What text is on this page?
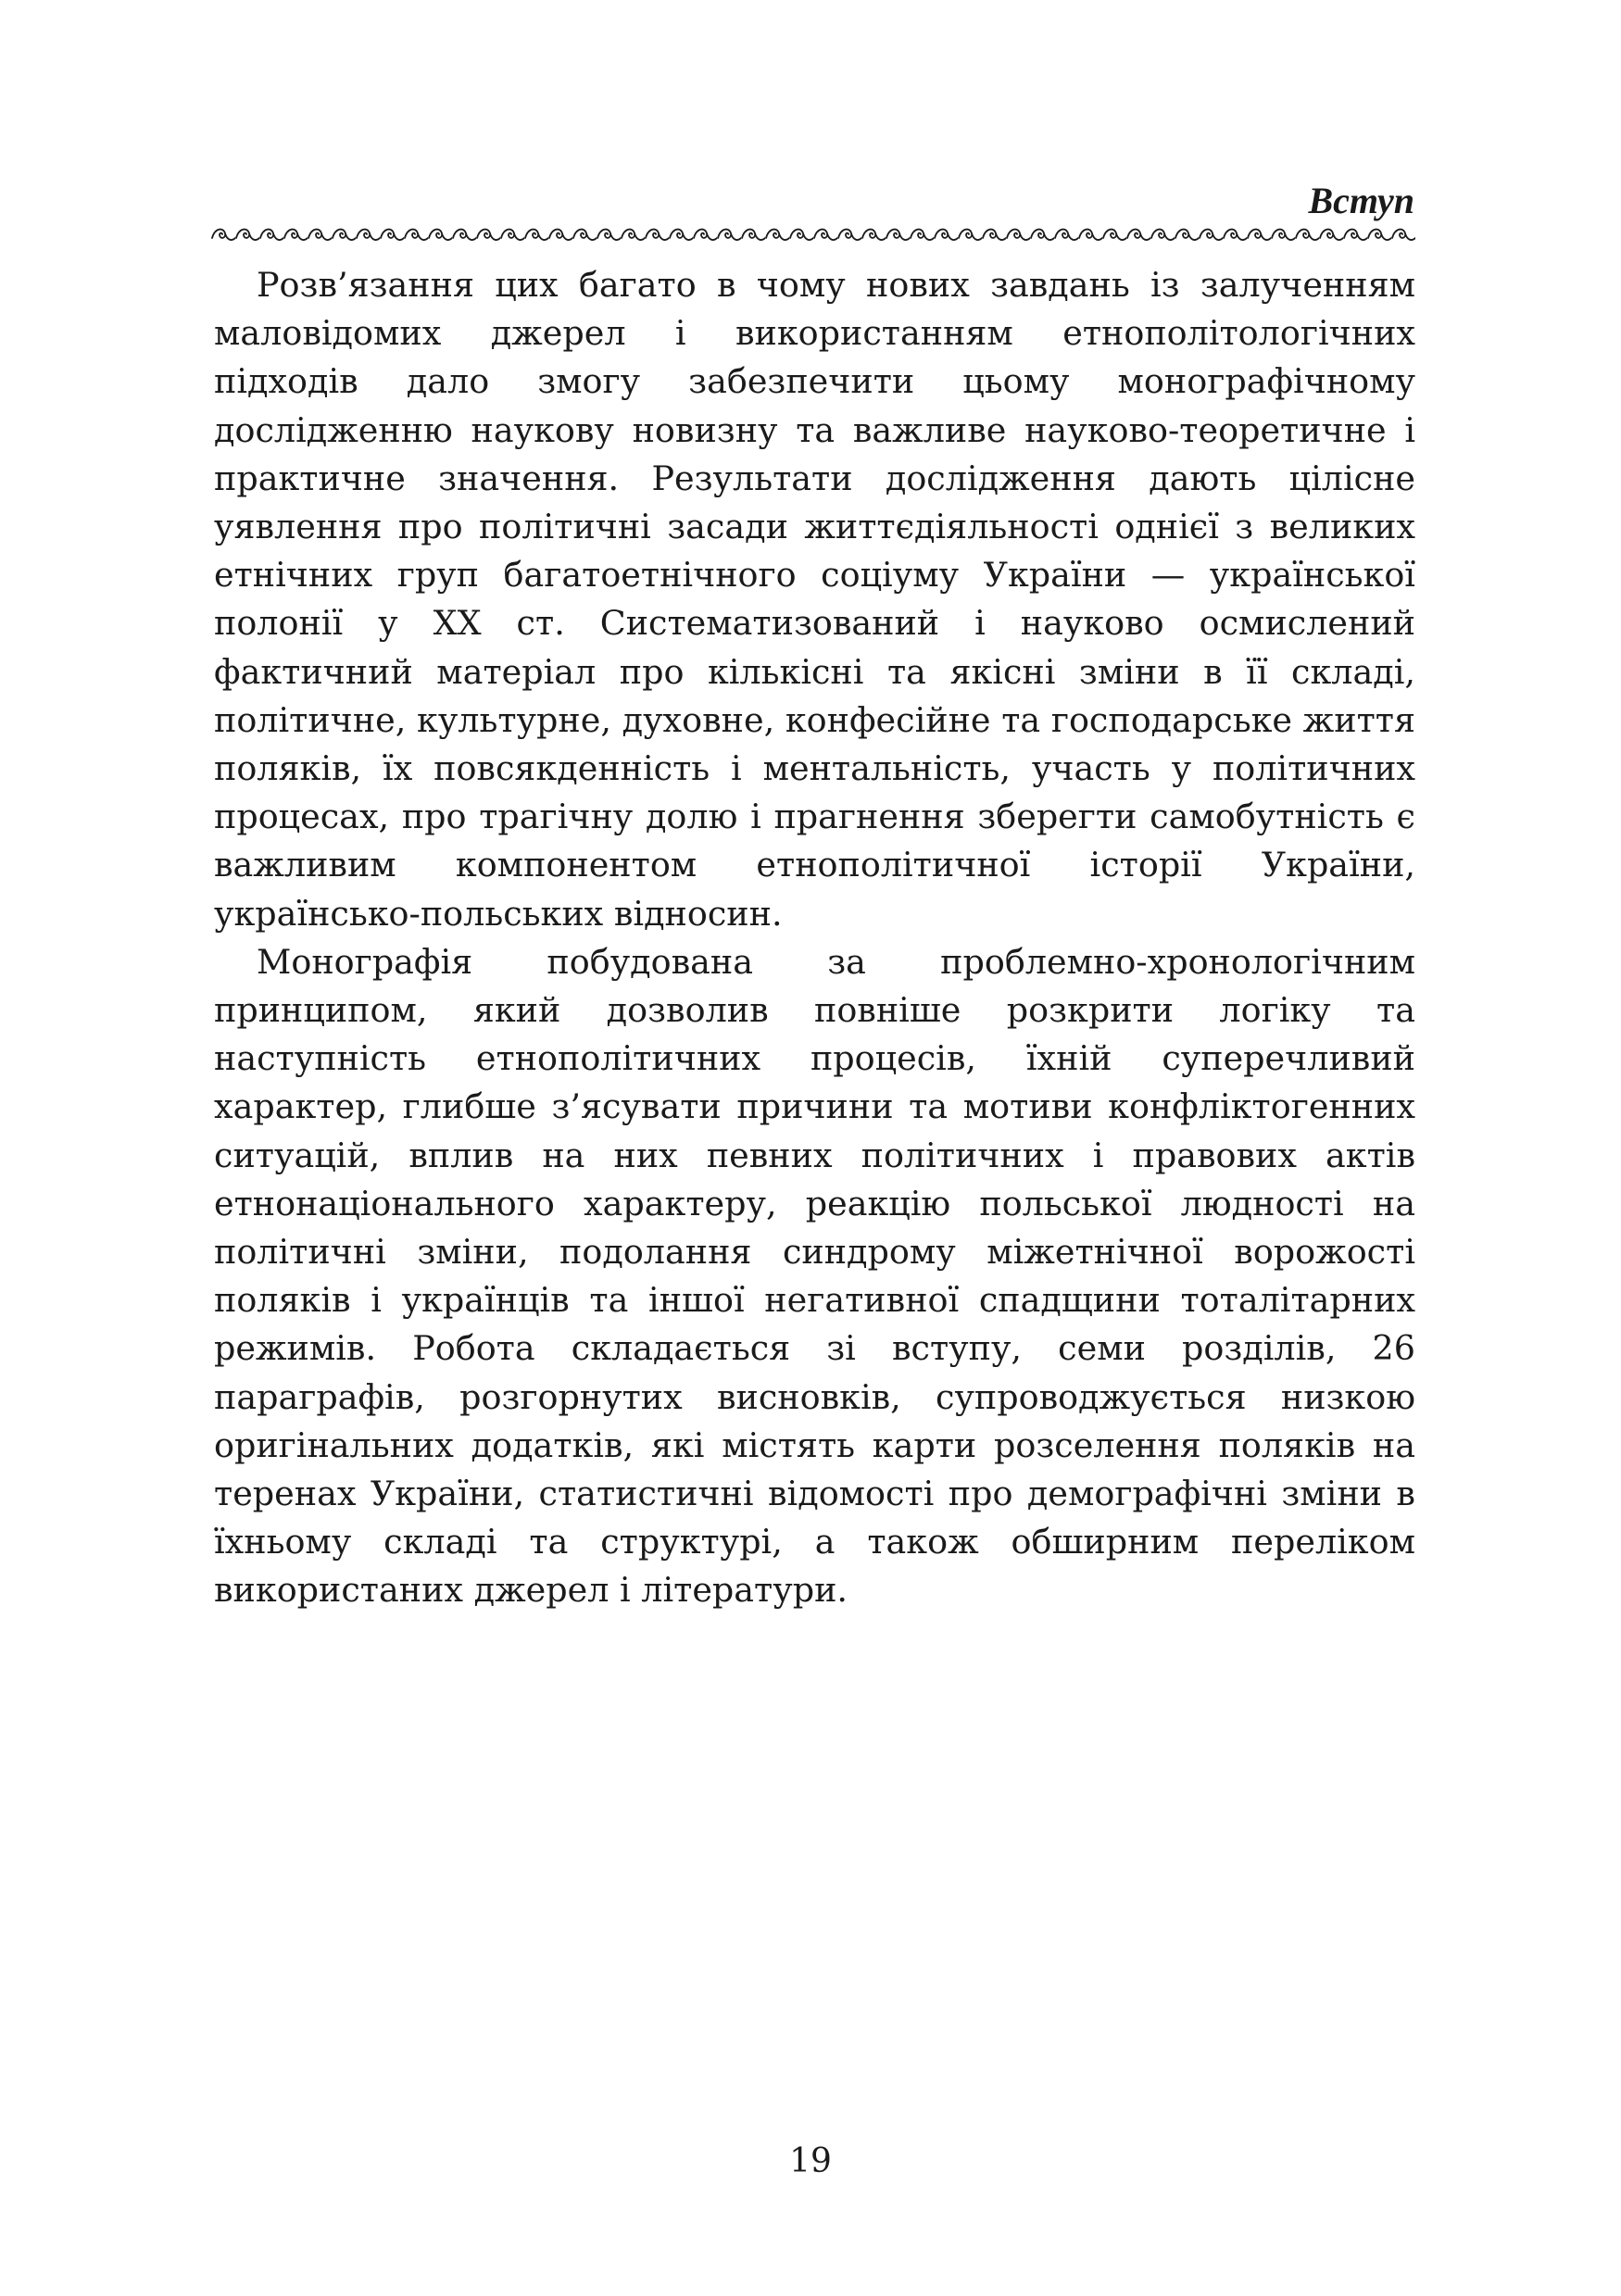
Вступ

Розв’язання цих багато в чому нових завдань із залученням маловідомих джерел і використанням етнополітологічних підходів дало змогу забезпечити цьому монографічному дослідженню наукову новизну та важливе науково-теоретичне і практичне значення. Результати дослідження дають цілісне уявлення про політичні засади життєдіяльності однієї з великих етнічних груп багатоетнічного соціуму України — української полонії у XX ст. Систематизований і науково осмислений фактичний матеріал про кількісні та якісні зміни в її складі, політичне, культурне, духовне, конфесійне та господарське життя поляків, їх повсякденність і ментальність, участь у політичних процесах, про трагічну долю і прагнення зберегти самобутність є важливим компонентом етнополітичної історії України, українсько-польських відносин.

Монографія побудована за проблемно-хронологічним принципом, який дозволив повніше розкрити логіку та наступність етнополітичних процесів, їхній суперечливий характер, глибше з’ясувати причини та мотиви конфліктогенних ситуацій, вплив на них певних політичних і правових актів етнонаціонального характеру, реакцію польської людності на політичні зміни, подолання синдрому міжетнічної ворожості поляків і українців та іншої негативної спадщини тоталітарних режимів. Робота складається зі вступу, семи розділів, 26 параграфів, розгорнутих висновків, супроводжується низкою оригінальних додатків, які містять карти розселення поляків на теренах України, статистичні відомості про демографічні зміни в їхньому складі та структурі, а також обширним переліком використаних джерел і літератури.

19
